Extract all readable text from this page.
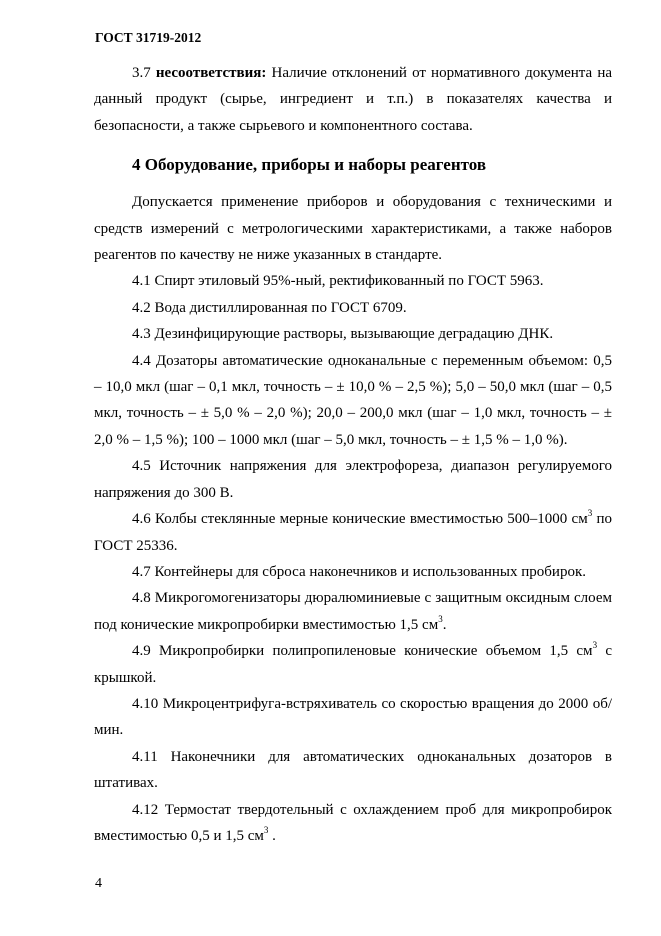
ГОСТ 31719-2012

3.7 несоответствия: Наличие отклонений от нормативного документа на данный продукт (сырье, ингредиент и т.п.) в показателях качества и безопасности, а также сырьевого и компонентного состава.

4 Оборудование, приборы и наборы реагентов

Допускается применение приборов и оборудования с техническими и средств измерений с метрологическими характеристиками, а также наборов реагентов по качеству не ниже указанных в стандарте.

4.1 Спирт этиловый 95%-ный, ректификованный по ГОСТ 5963.

4.2 Вода дистиллированная по ГОСТ 6709.

4.3 Дезинфицирующие растворы, вызывающие деградацию ДНК.

4.4 Дозаторы автоматические одноканальные с переменным объемом: 0,5 – 10,0 мкл (шаг – 0,1 мкл, точность – ± 10,0 % – 2,5 %); 5,0 – 50,0 мкл (шаг – 0,5 мкл, точность – ± 5,0 % – 2,0 %); 20,0 – 200,0 мкл (шаг – 1,0 мкл, точность – ± 2,0 % – 1,5 %); 100 – 1000 мкл (шаг – 5,0 мкл, точность – ± 1,5 % – 1,0 %).

4.5 Источник напряжения для электрофореза, диапазон регулируемого напряжения до 300 В.

4.6 Колбы стеклянные мерные конические вместимостью 500–1000 $см^3$ по ГОСТ 25336.

4.7 Контейнеры для сброса наконечников и использованных пробирок.

4.8 Микрогомогенизаторы дюралюминиевые с защитным оксидным слоем под конические микропробирки вместимостью 1,5 $см^3$.

4.9 Микропробирки полипропиленовые конические объемом 1,5 $см^3$ с крышкой.

4.10 Микроцентрифуга-встряхиватель со скоростью вращения до 2000 об/мин.

4.11 Наконечники для автоматических одноканальных дозаторов в штативах.

4.12 Термостат твердотельный с охлаждением проб для микропробирок вместимостью 0,5 и 1,5 $см^3$ .

4
